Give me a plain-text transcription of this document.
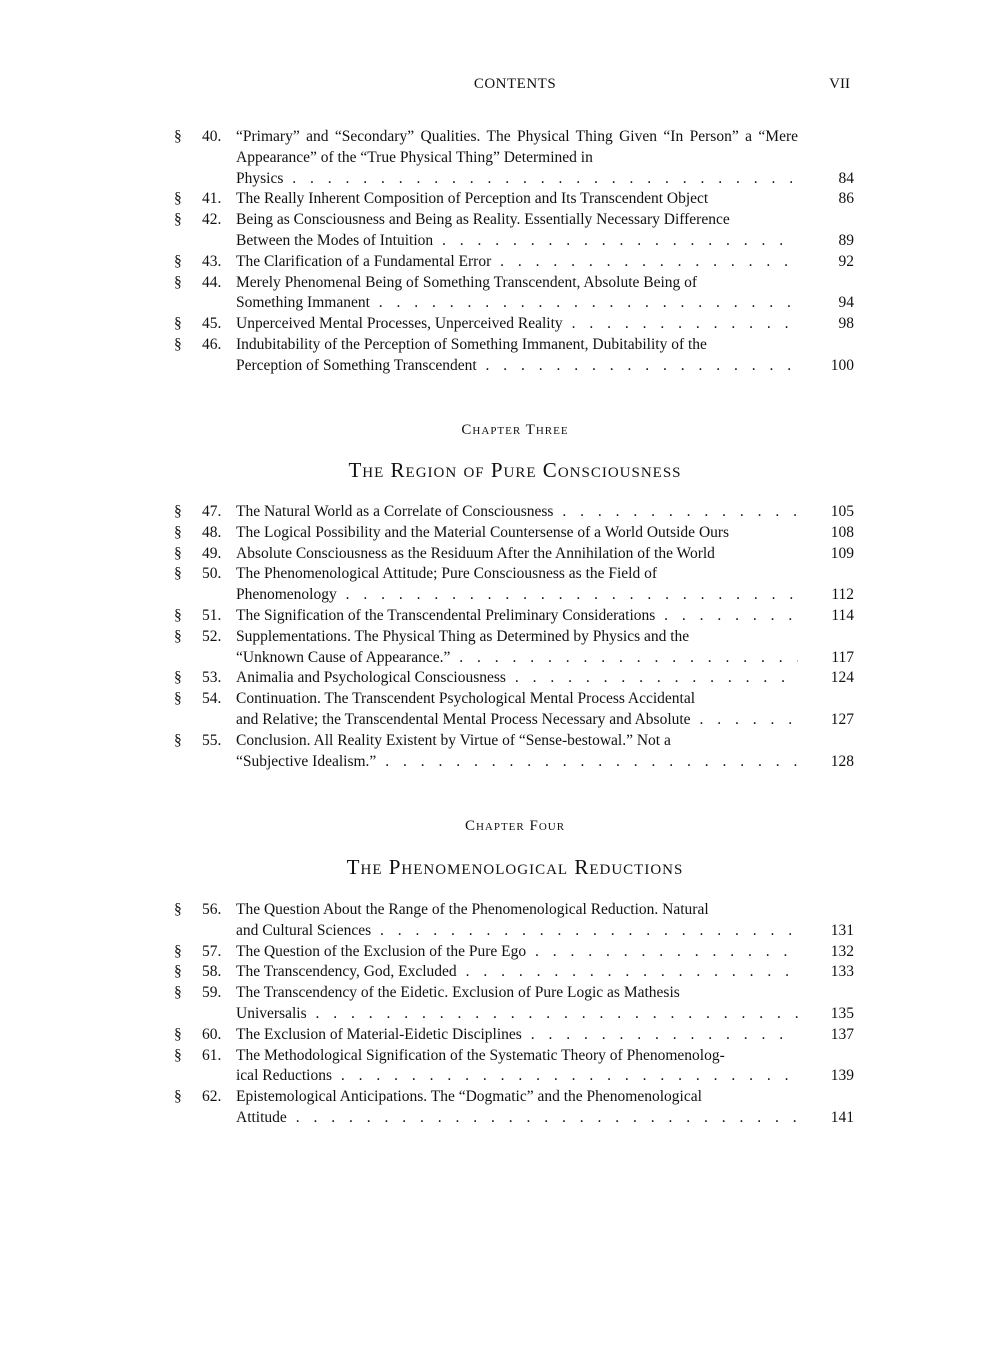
CONTENTS	VII
§ 40. “Primary” and “Secondary” Qualities. The Physical Thing Given “In Person” a “Mere Appearance” of the “True Physical Thing” Determined in
Physics . . .	84
§ 41. The Really Inherent Composition of Perception and Its Transcendent Object	86
§ 42. Being as Consciousness and Being as Reality. Essentially Necessary Difference
Between the Modes of Intuition . . .	89
§ 43. The Clarification of a Fundamental Error . . .	92
§ 44. Merely Phenomenal Being of Something Transcendent, Absolute Being of
Something Immanent . . .	94
§ 45. Unperceived Mental Processes, Unperceived Reality . . .	98
§ 46. Indubitability of the Perception of Something Immanent, Dubitability of the
Perception of Something Transcendent . . .	100
Chapter Three
The Region of Pure Consciousness
§ 47. The Natural World as a Correlate of Consciousness . . .	105
§ 48. The Logical Possibility and the Material Countersense of a World Outside Ours	108
§ 49. Absolute Consciousness as the Residuum After the Annihilation of the World	109
§ 50. The Phenomenological Attitude; Pure Consciousness as the Field of
Phenomenology . . .	112
§ 51. The Signification of the Transcendental Preliminary Considerations . . .	114
§ 52. Supplementations. The Physical Thing as Determined by Physics and the
“Unknown Cause of Appearance.” . . .	117
§ 53. Animalia and Psychological Consciousness . . .	124
§ 54. Continuation. The Transcendent Psychological Mental Process Accidental
and Relative; the Transcendental Mental Process Necessary and Absolute . . .	127
§ 55. Conclusion. All Reality Existent by Virtue of “Sense-bestowal.” Not a
“Subjective Idealism.” . . .	128
Chapter Four
The Phenomenological Reductions
§ 56. The Question About the Range of the Phenomenological Reduction. Natural
and Cultural Sciences . . .	131
§ 57. The Question of the Exclusion of the Pure Ego . . .	132
§ 58. The Transcendency, God, Excluded . . .	133
§ 59. The Transcendency of the Eidetic. Exclusion of Pure Logic as Mathesis
Universalis . . .	135
§ 60. The Exclusion of Material-Eidetic Disciplines . . .	137
§ 61. The Methodological Signification of the Systematic Theory of Phenomenolog-
ical Reductions . . .	139
§ 62. Epistemological Anticipations. The “Dogmatic” and the Phenomenological
Attitude . . .	141
